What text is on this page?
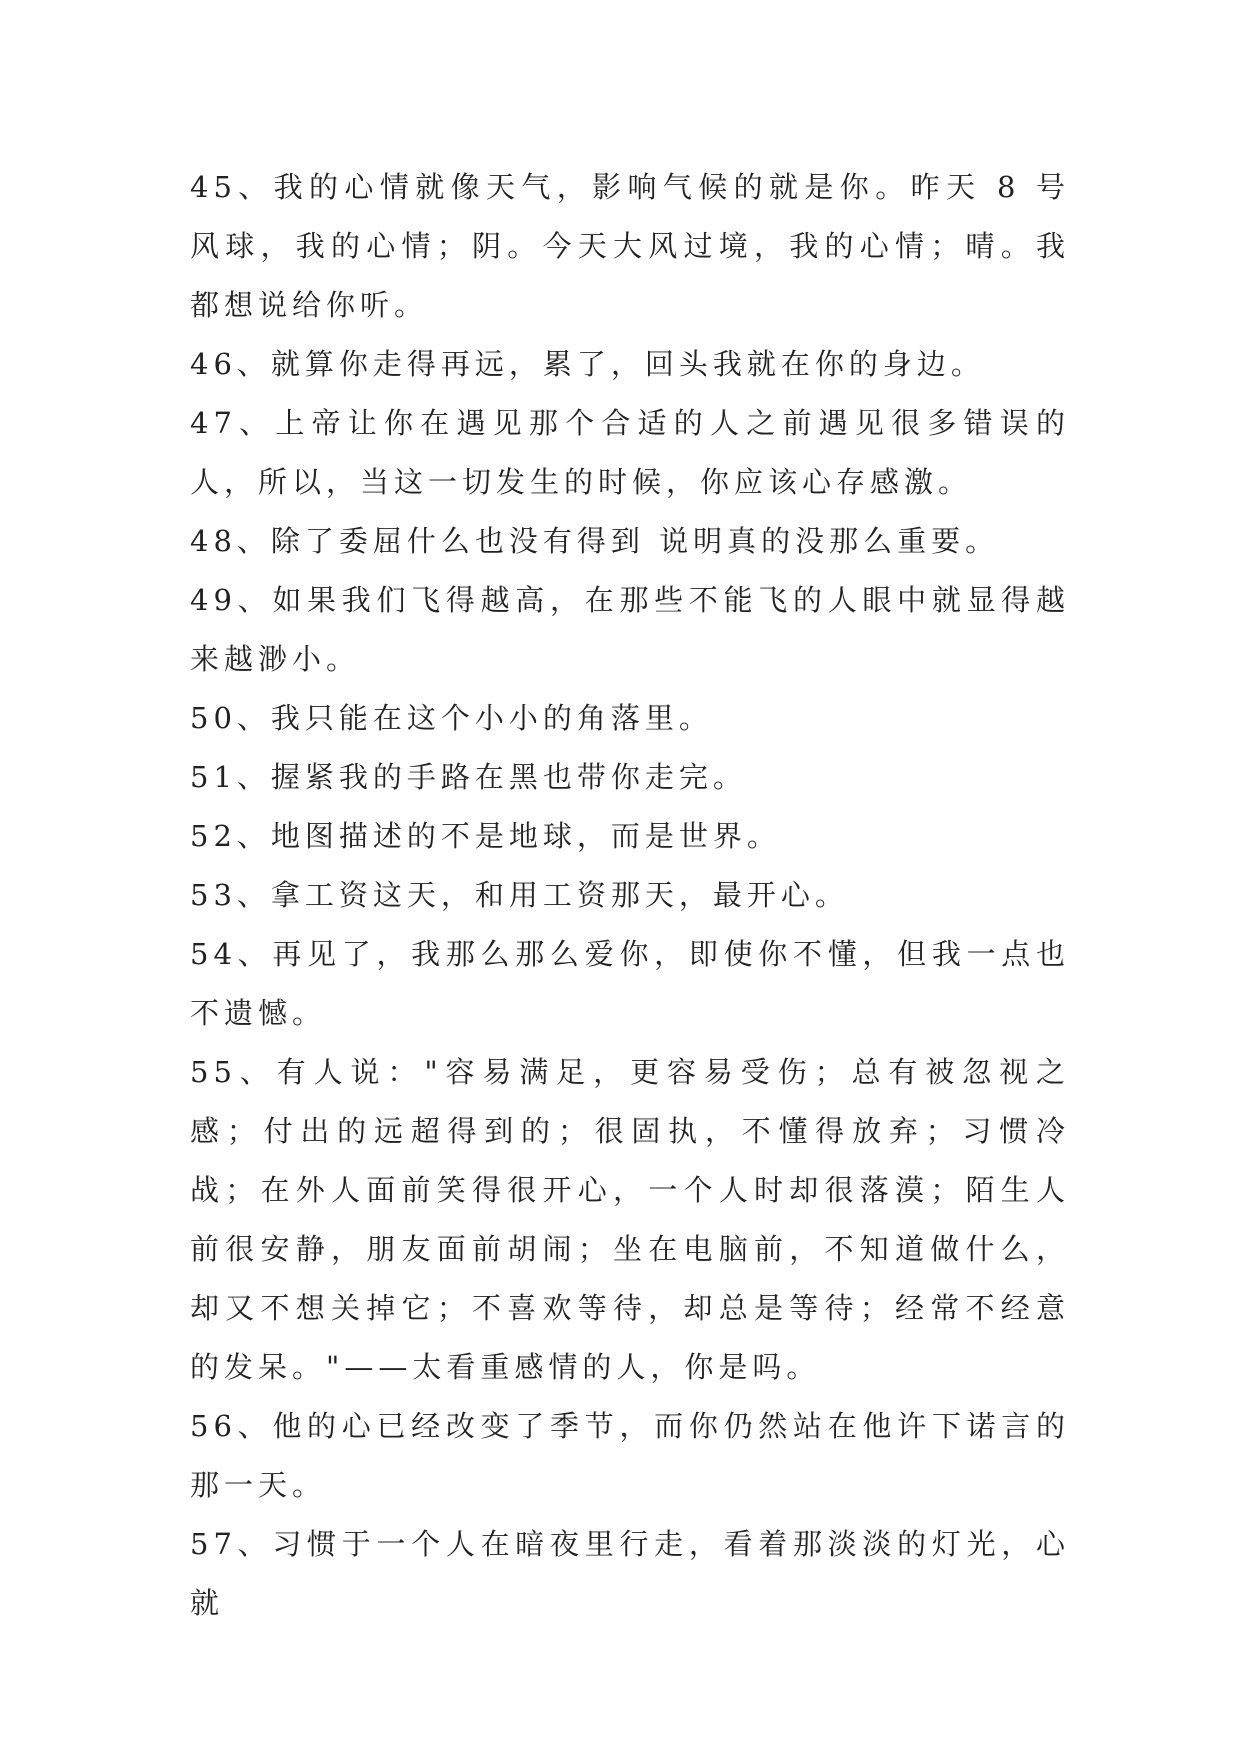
45、我的心情就像天气，影响气候的就是你。昨天 8 号风球，我的心情；阴。今天大风过境，我的心情；晴。我都想说给你听。

46、就算你走得再远，累了，回头我就在你的身边。

47、上帝让你在遇见那个合适的人之前遇见很多错误的人，所以，当这一切发生的时候，你应该心存感激。

48、除了委屈什么也没有得到 说明真的没那么重要。

49、如果我们飞得越高，在那些不能飞的人眼中就显得越来越渺小。

50、我只能在这个小小的角落里。

51、握紧我的手路在黑也带你走完。

52、地图描述的不是地球，而是世界。

53、拿工资这天，和用工资那天，最开心。

54、再见了，我那么那么爱你，即使你不懂，但我一点也不遗憾。

55、有人说："容易满足，更容易受伤；总有被忽视之感；付出的远超得到的；很固执，不懂得放弃；习惯冷战；在外人面前笑得很开心，一个人时却很落漠；陌生人前很安静，朋友面前胡闹；坐在电脑前，不知道做什么，却又不想关掉它；不喜欢等待，却总是等待；经常不经意的发呆。"——太看重感情的人，你是吗。

56、他的心已经改变了季节，而你仍然站在他许下诺言的那一天。

57、习惯于一个人在暗夜里行走，看着那淡淡的灯光，心就
